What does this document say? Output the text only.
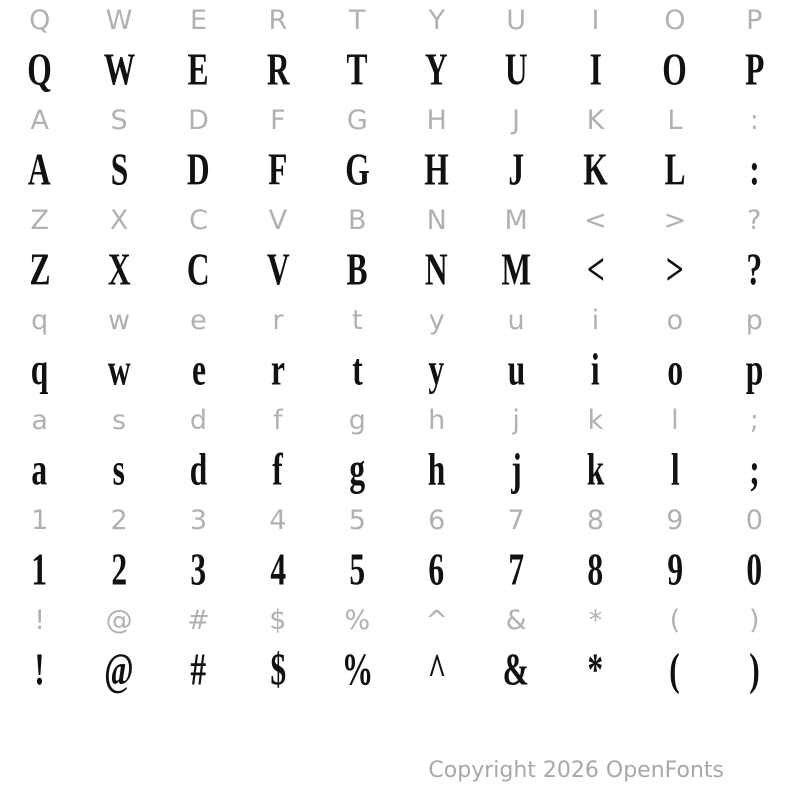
Q W E R T Y U I O P
Q W E R T Y U I O P
A S D F G H J K L :
A S D F G H J K L :
Z X C V B N M < > ?
Z X C V B N M < > ?
q w e r	t y u i o p
q w e r t y u i o p
a s d f g h j	k	l	;
a s d f g h j k l ;
1 2 3 4 5 6 7 8 9 0
1 2 3 4 5 6 7 8 9 0
! @ # $ % ^ & * (	)
! @ # $ % ^ & * ( )
Copyright 2026 OpenFonts
